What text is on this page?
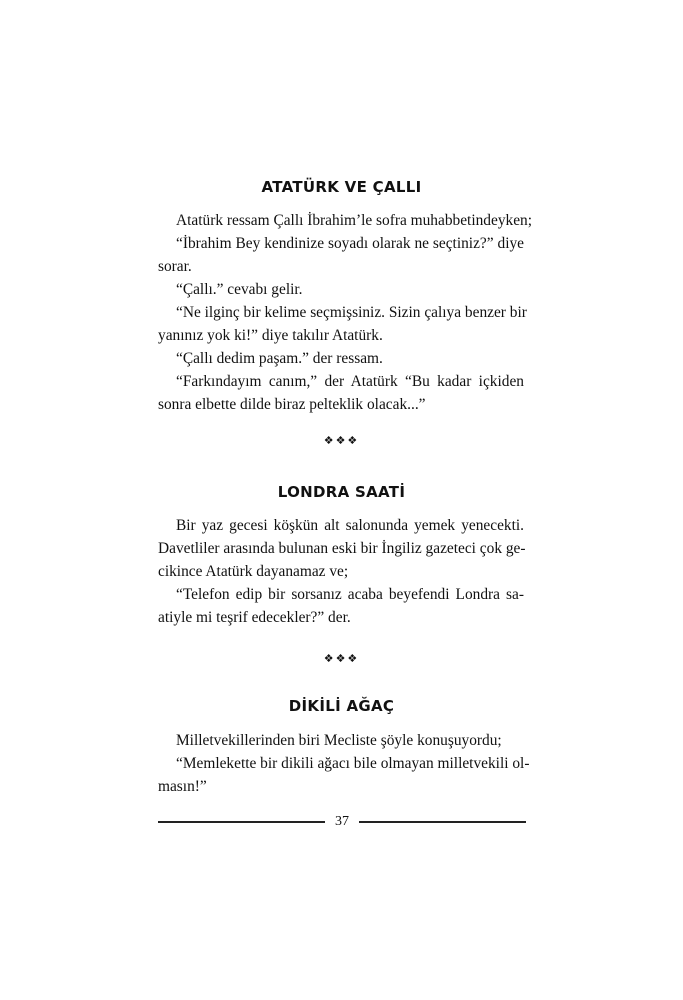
ATATÜRK VE ÇALLI
Atatürk ressam Çallı İbrahim’le sofra muhabbetindeyken;
“İbrahim Bey kendinize soyadı olarak ne seçtiniz?” diye
sorar.
“Çallı.” cevabı gelir.
“Ne ilginç bir kelime seçmişsiniz. Sizin çalıya benzer bir
yanınız yok ki!” diye takılır Atatürk.
“Çallı dedim paşam.” der ressam.
“Farkındayım canım,” der Atatürk “Bu kadar içkiden
sonra elbette dilde biraz pelteklik olacak...”
❖❖❖
LONDRA SAATİ
Bir yaz gecesi köşkün alt salonunda yemek yenecekti.
Davetliler arasında bulunan eski bir İngiliz gazeteci çok ge-
cikince Atatürk dayanamaz ve;
“Telefon edip bir sorsanız acaba beyefendi Londra sa-
atiyle mi teşrif edecekler?” der.
❖❖❖
DİKİLİ AĞAÇ
Milletvekillerinden biri Mecliste şöyle konuşuyordu;
“Memlekette bir dikili ağacı bile olmayan milletvekili ol-
masın!”
37
